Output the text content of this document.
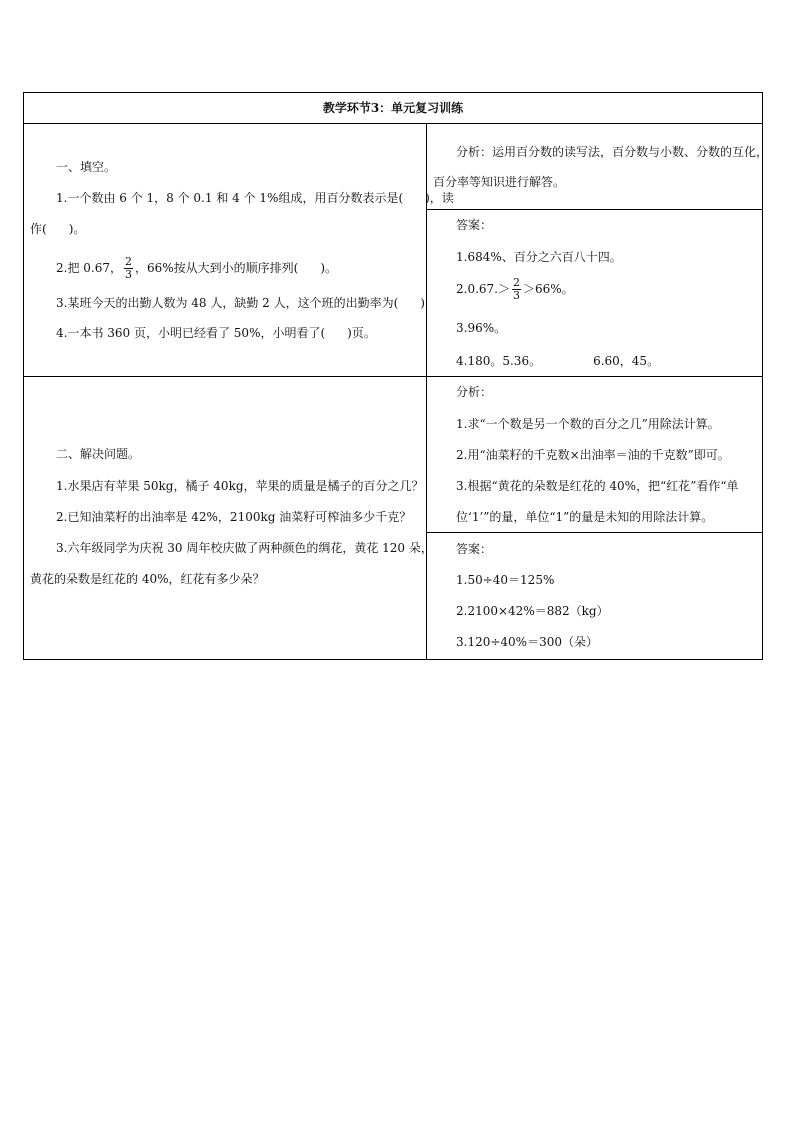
教学环节3：单元复习训练
一、填空。
1.一个数由 6 个 1，8 个 0.1 和 4 个 1%组成，用百分数表示是( )，读
作( )。
2.把 0.67， $\frac{2}{3}$ ，66%按从大到小的顺序排列( )。
3.某班今天的出勤人数为 48 人，缺勤 2 人，这个班的出勤率为( )
4.一本书 360 页，小明已经看了 50%，小明看了( )页。
分析：运用百分数的读写法，百分数与小数、分数的互化，
百分率等知识进行解答。
答案：
1.684%、百分之六百八十四。
$2.0.67.> \frac{2}{3} >66\%$。
3.96%。
4.180。5.36。	6.60，45。
二、解决问题。
1.水果店有苹果 50kg，橘子 40kg，苹果的质量是橘子的百分之几？
2.已知油菜籽的出油率是 42%，2100kg 油菜籽可榨油多少千克？
3.六年级同学为庆祝 30 周年校庆做了两种颜色的绸花，黄花 120 朵，
黄花的朵数是红花的 40%，红花有多少朵？
分析：
1.求“一个数是另一个数的百分之几”用除法计算。
2.用“油菜籽的千克数×出油率＝油的千克数”即可。
3.根据“黄花的朵数是红花的 40%，把“红花”看作“单
位‘1’”的量，单位“1”的量是未知的用除法计算。
答案：
1.50÷40＝125%
2.2100×42%＝882（kg）
3.120÷40%＝300（朵）
